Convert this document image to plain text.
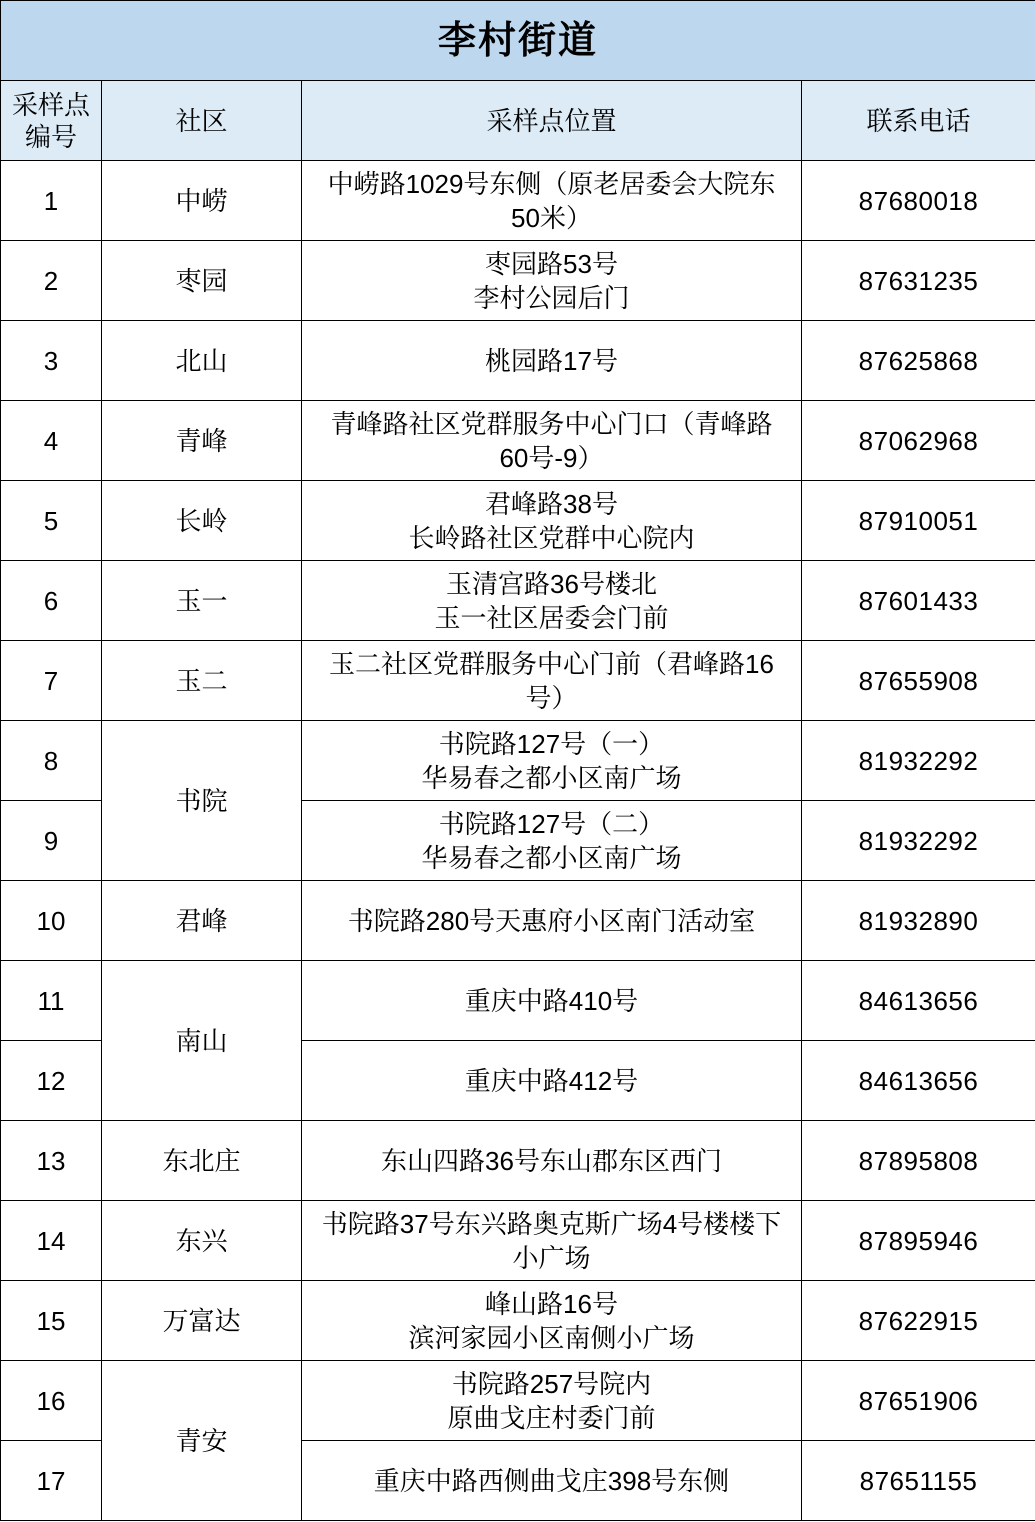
李村街道			
采样点编号	社区	采样点位置	联系电话
1	中崂	中崂路1029号东侧（原老居委会大院东
50米）	87680018
2	枣园	枣园路53号
李村公园后门	87631235
3	北山	桃园路17号	87625868
4	青峰	青峰路社区党群服务中心门口（青峰路
60号-9）	87062968
5	长岭	君峰路38号
长岭路社区党群中心院内	87910051
6	玉一	玉清宫路36号楼北
玉一社区居委会门前	87601433
7	玉二	玉二社区党群服务中心门前（君峰路16
号）	87655908
8	书院	书院路127号（一）
华易春之都小区南广场	81932292
9		书院路127号（二）
华易春之都小区南广场	81932292
10	君峰	书院路280号天惠府小区南门活动室	81932890
11	南山	重庆中路410号	84613656
12		重庆中路412号	84613656
13	东北庄	东山四路36号东山郡东区西门	87895808
14	东兴	书院路37号东兴路奥克斯广场4号楼楼下
小广场	87895946
15	万富达	峰山路16号
滨河家园小区南侧小广场	87622915
16	青安	书院路257号院内
原曲戈庄村委门前	87651906
17		重庆中路西侧曲戈庄398号东侧	87651155
